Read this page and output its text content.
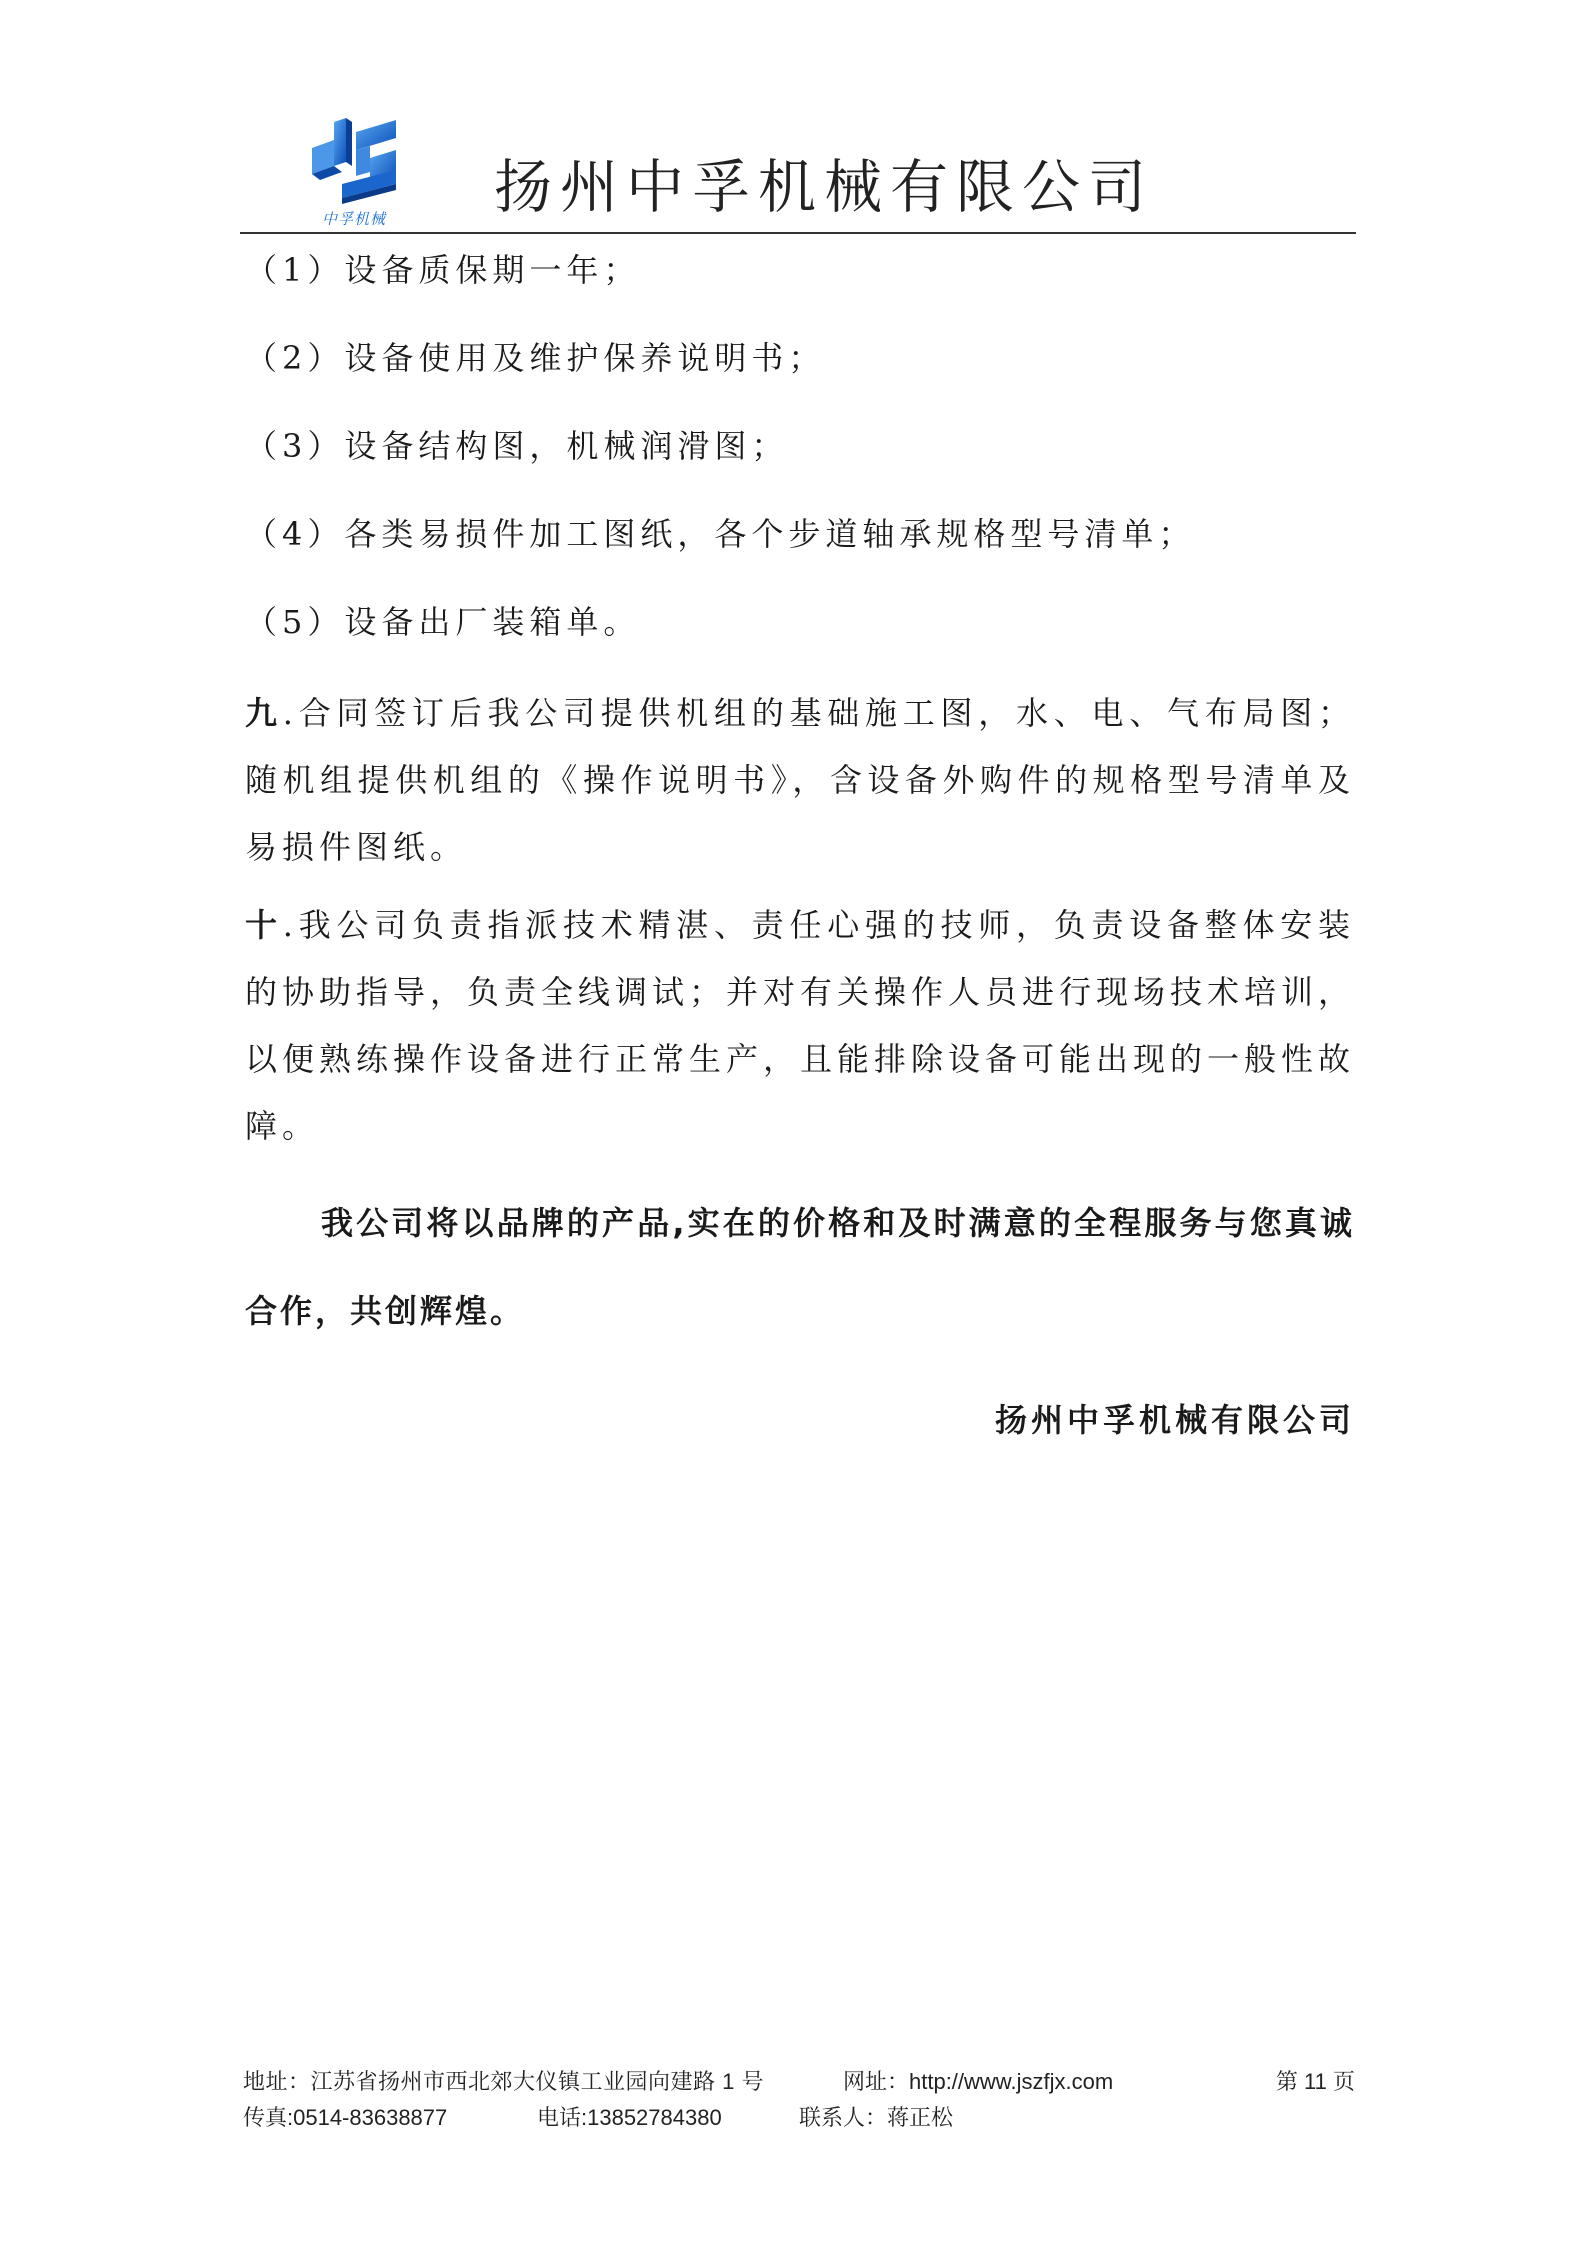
中孚机械 扬州中孚机械有限公司

（1）设备质保期一年；

（2）设备使用及维护保养说明书；

（3）设备结构图，机械润滑图；

（4）各类易损件加工图纸，各个步道轴承规格型号清单；

（5）设备出厂装箱单。

九.合同签订后我公司提供机组的基础施工图，水、电、气布局图；随机组提供机组的《操作说明书》，含设备外购件的规格型号清单及易损件图纸。

十.我公司负责指派技术精湛、责任心强的技师，负责设备整体安装的协助指导，负责全线调试；并对有关操作人员进行现场技术培训，以便熟练操作设备进行正常生产，且能排除设备可能出现的一般性故障。

我公司将以品牌的产品,实在的价格和及时满意的全程服务与您真诚合作，共创辉煌。

扬州中孚机械有限公司
地址：江苏省扬州市西北郊大仪镇工业园向建路 1 号	网址：http://www.jszfjx.com	第 11 页
传真:0514-83638877	电话:13852784380	联系人：蒋正松
